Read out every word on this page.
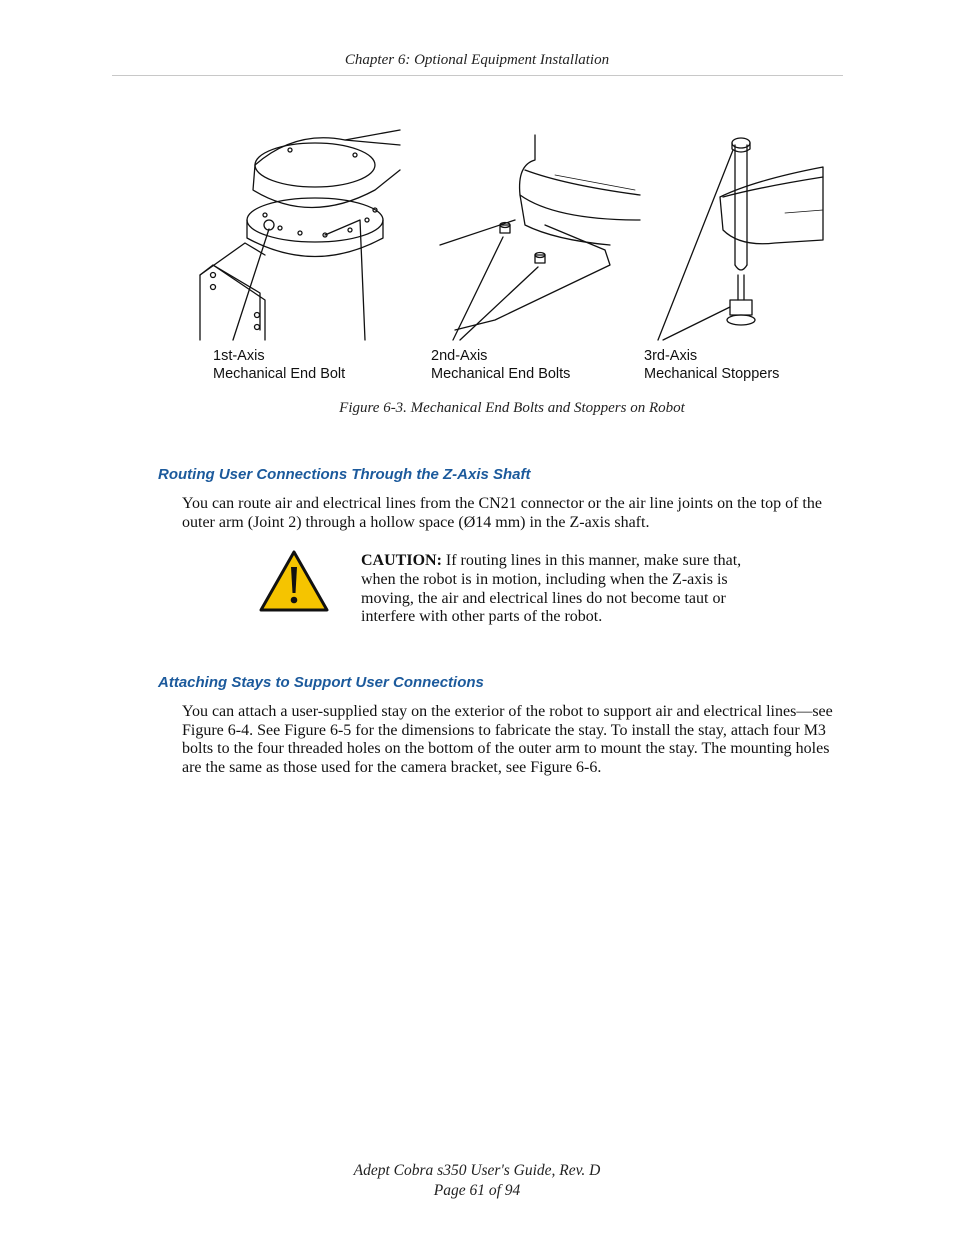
Chapter 6: Optional Equipment Installation
1st-Axis
Mechanical End Bolt
2nd-Axis
Mechanical End Bolts
3rd-Axis
Mechanical Stoppers
Figure 6-3. Mechanical End Bolts and Stoppers on Robot
Routing User Connections Through the Z-Axis Shaft
You can route air and electrical lines from the CN21 connector or the air line joints on the top of the outer arm (Joint 2) through a hollow space (Ø14 mm) in the Z-axis shaft.
CAUTION: If routing lines in this manner, make sure that, when the robot is in motion, including when the Z-axis is moving, the air and electrical lines do not become taut or interfere with other parts of the robot.
Attaching Stays to Support User Connections
You can attach a user-supplied stay on the exterior of the robot to support air and electrical lines—see Figure 6-4. See Figure 6-5 for the dimensions to fabricate the stay. To install the stay, attach four M3 bolts to the four threaded holes on the bottom of the outer arm to mount the stay. The mounting holes are the same as those used for the camera bracket, see Figure 6-6.
Adept Cobra s350 User's Guide, Rev. D
Page 61 of 94
